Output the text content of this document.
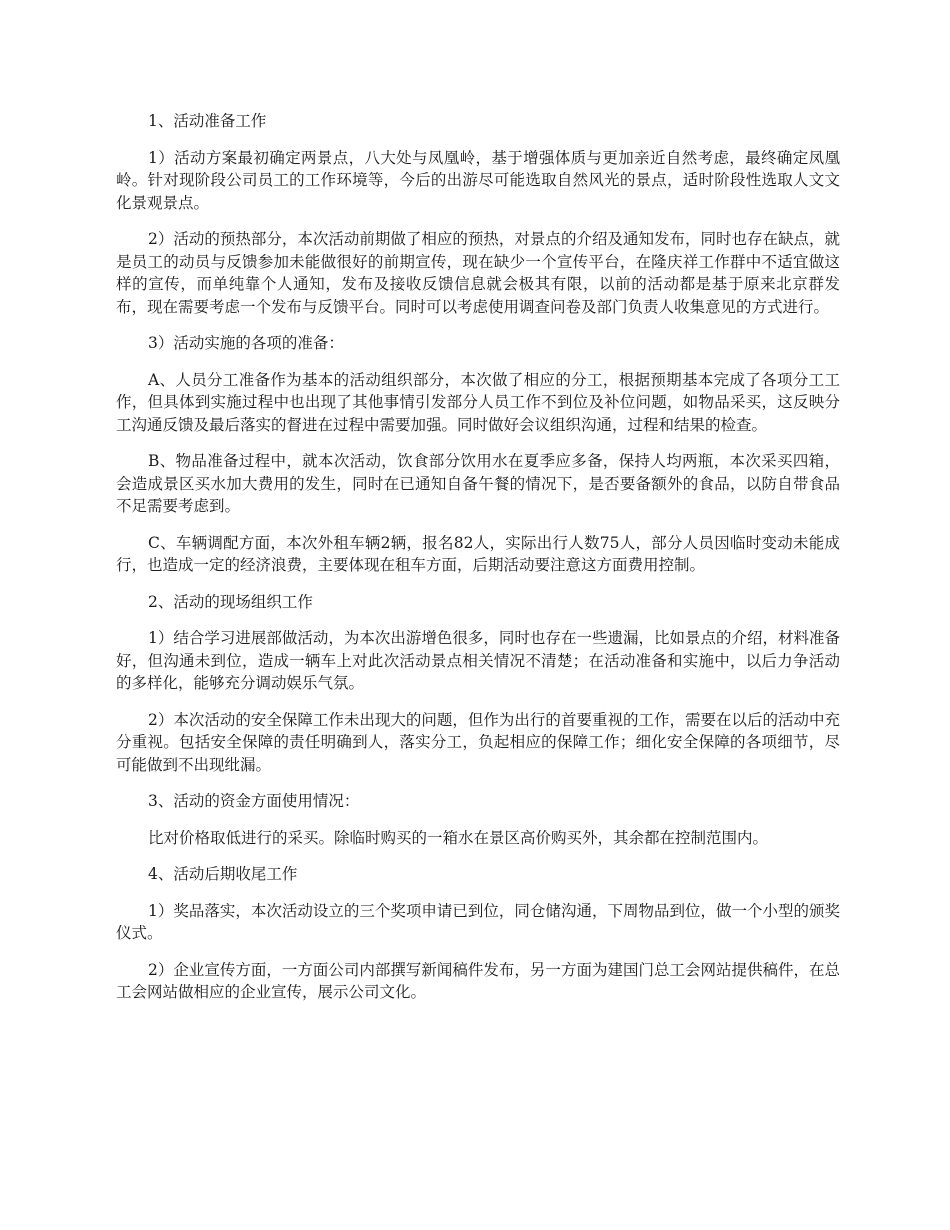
1、活动准备工作

1）活动方案最初确定两景点，八大处与凤凰岭，基于增强体质与更加亲近自然考虑，最终确定凤凰岭。针对现阶段公司员工的工作环境等，今后的出游尽可能选取自然风光的景点，适时阶段性选取人文文化景观景点。

2）活动的预热部分，本次活动前期做了相应的预热，对景点的介绍及通知发布，同时也存在缺点，就是员工的动员与反馈参加未能做很好的前期宣传，现在缺少一个宣传平台，在隆庆祥工作群中不适宜做这样的宣传，而单纯靠个人通知，发布及接收反馈信息就会极其有限，以前的活动都是基于原来北京群发布，现在需要考虑一个发布与反馈平台。同时可以考虑使用调查问卷及部门负责人收集意见的方式进行。

3）活动实施的各项的准备：

A、人员分工准备作为基本的活动组织部分，本次做了相应的分工，根据预期基本完成了各项分工工作，但具体到实施过程中也出现了其他事情引发部分人员工作不到位及补位问题，如物品采买，这反映分工沟通反馈及最后落实的督进在过程中需要加强。同时做好会议组织沟通，过程和结果的检查。

B、物品准备过程中，就本次活动，饮食部分饮用水在夏季应多备，保持人均两瓶，本次采买四箱，会造成景区买水加大费用的发生，同时在已通知自备午餐的情况下，是否要备额外的食品，以防自带食品不足需要考虑到。

C、车辆调配方面，本次外租车辆2辆，报名82人，实际出行人数75人，部分人员因临时变动未能成行，也造成一定的经济浪费，主要体现在租车方面，后期活动要注意这方面费用控制。

2、活动的现场组织工作

1）结合学习进展部做活动，为本次出游增色很多，同时也存在一些遗漏，比如景点的介绍，材料准备好，但沟通未到位，造成一辆车上对此次活动景点相关情况不清楚；在活动准备和实施中，以后力争活动的多样化，能够充分调动娱乐气氛。

2）本次活动的安全保障工作未出现大的问题，但作为出行的首要重视的工作，需要在以后的活动中充分重视。包括安全保障的责任明确到人，落实分工，负起相应的保障工作；细化安全保障的各项细节，尽可能做到不出现纰漏。

3、活动的资金方面使用情况：

比对价格取低进行的采买。除临时购买的一箱水在景区高价购买外，其余都在控制范围内。

4、活动后期收尾工作

1）奖品落实，本次活动设立的三个奖项申请已到位，同仓储沟通，下周物品到位，做一个小型的颁奖仪式。

2）企业宣传方面，一方面公司内部撰写新闻稿件发布，另一方面为建国门总工会网站提供稿件，在总工会网站做相应的企业宣传，展示公司文化。
